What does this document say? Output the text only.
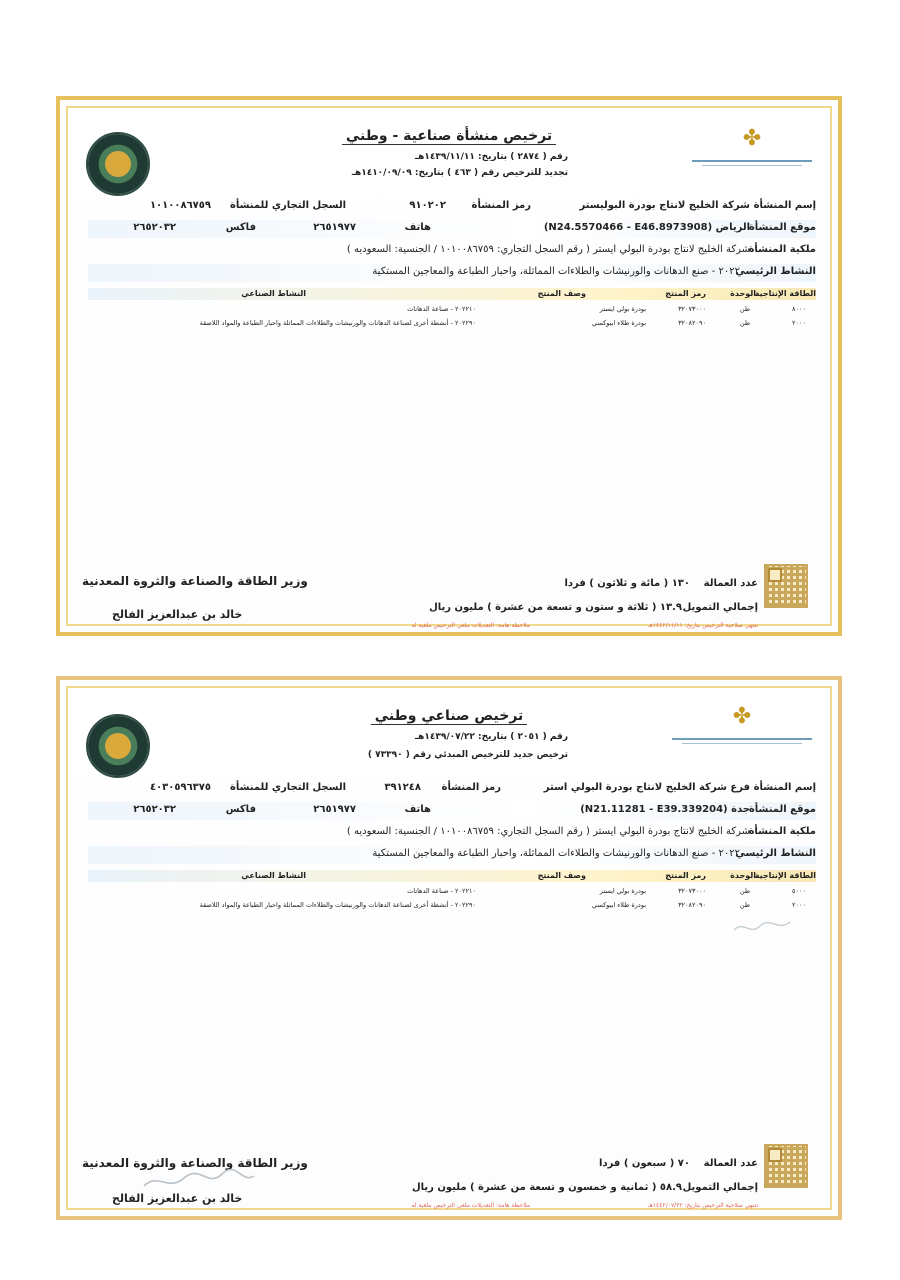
✤
ترخيص منشأة صناعية - وطني
رقم ( ٢٨٧٤ ) بتاريخ: ١٤٣٩/١١/١١هـ
تجديد للترخيص رقم ( ٤٦٣ ) بتاريخ: ١٤١٠/٠٩/٠٩هـ
إسم المنشأة
شركة الخليج لانتاج بودرة البوليستر
رمز المنشأة
٩١٠٢٠٢
السجل التجاري للمنشأة
١٠١٠٠٨٦٧٥٩
موقع المنشأة
الرياض (N24.5570466 - E46.8973908)
هاتف
٢٦٥١٩٧٧
فاكس
٢٦٥٢٠٣٢
ملكية المنشأة
شركة الخليج لانتاج بودرة البولي ايستر ( رقم السجل التجاري: ١٠١٠٠٨٦٧٥٩ / الجنسية: السعوديه )
النشاط الرئيسي
٢٠٢٢ - صنع الدهانات والورنيشات والطلاءات المماثلة، واحبار الطباعة والمعاجين المستكية
الطاقة الإنتاجية
الوحدة
رمز المنتج
وصف المنتج
النشاط الصناعي
٨٠٠٠
طن
٣٢٠٧٣٠٠٠
بودرة بولي ايستر
٢٠٢٢١٠ - صناعة الدهانات
٢٠٠٠
طن
٣٢٠٨٢٠٩٠
بودرة طلاء ايبوكسي
٢٠٢٢٩٠ - أنشطة أخرى لصناعة الدهانات والورنيشات والطلاءات المماثلة واحبار الطباعة والمواد اللاصقة
عدد العمالة
١٣٠ ( مائة و ثلاثون ) فردا
إجمالي التمويل
١٣.٩ ( ثلاثة و ستون و تسعة من عشرة ) مليون ريال
تنتهي صلاحية الترخيص بتاريخ: ١٤٤٢/١١/١١هـ
ملاحظة هامة: التعديلات ملغي الترخيص ملغية له
وزير الطاقة والصناعة والثروة المعدنية
خالد بن عبدالعزيز الفالح
✤
ترخيص صناعي وطني
رقم ( ٢٠٥١ ) بتاريخ: ١٤٣٩/٠٧/٢٢هـ
ترخيص جديد للترخيص المبدئي رقم ( ٧٣٣٩٠ )
إسم المنشأة
فرع شركة الخليج لانتاج بودرة البولي استر
رمز المنشأة
٣٩١٢٤٨
السجل التجاري للمنشأة
٤٠٣٠٥٩٦٣٧٥
موقع المنشأة
جدة (N21.11281 - E39.339204)
هاتف
٢٦٥١٩٧٧
فاكس
٢٦٥٢٠٣٢
ملكية المنشأة
شركة الخليج لانتاج بودرة البولي ايستر ( رقم السجل التجاري: ١٠١٠٠٨٦٧٥٩ / الجنسية: السعوديه )
النشاط الرئيسي
٢٠٢٢ - صنع الدهانات والورنيشات والطلاءات المماثلة، واحبار الطباعة والمعاجين المستكية
الطاقة الإنتاجية
الوحدة
رمز المنتج
وصف المنتج
النشاط الصناعي
٥٠٠٠
طن
٣٢٠٧٣٠٠٠
بودرة بولي ايستر
٢٠٢٢١٠ - صناعة الدهانات
٢٠٠٠
طن
٣٢٠٨٢٠٩٠
بودرة طلاء ايبوكسي
٢٠٢٢٩٠ - أنشطة أخرى لصناعة الدهانات والورنيشات والطلاءات المماثلة واحبار الطباعة والمواد اللاصقة
عدد العمالة
٧٠ ( سبعون ) فردا
إجمالي التمويل
٥٨.٩ ( ثمانية و خمسون و تسعة من عشرة ) مليون ريال
تنتهي صلاحية الترخيص بتاريخ: ١٤٤٢/٠٧/٢٢هـ
ملاحظة هامة: التعديلات ملغي الترخيص ملغية له
وزير الطاقة والصناعة والثروة المعدنية
خالد بن عبدالعزيز الفالح
